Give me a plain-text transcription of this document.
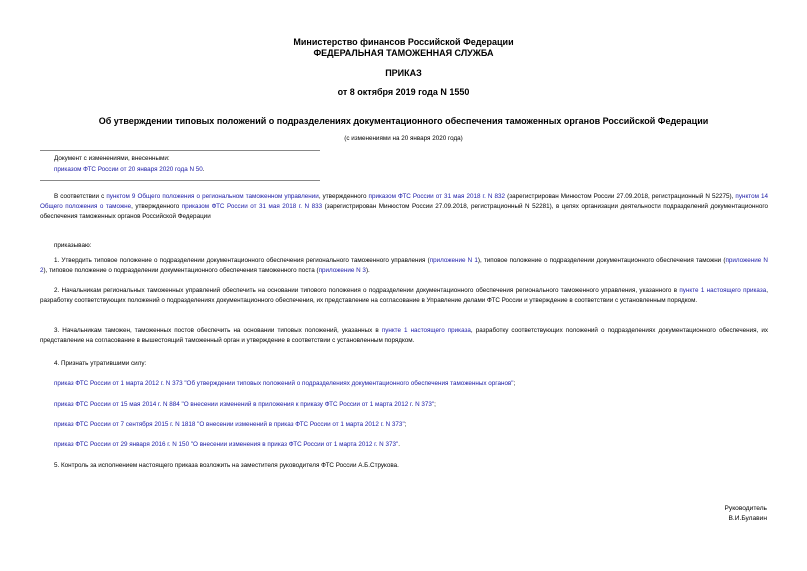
Министерство финансов Российской Федерации
ФЕДЕРАЛЬНАЯ ТАМОЖЕННАЯ СЛУЖБА
ПРИКАЗ
от 8 октября 2019 года N 1550
Об утверждении типовых положений о подразделениях документационного обеспечения таможенных органов Российской Федерации
(с изменениями на 20 января 2020 года)
Документ с изменениями, внесенными:
приказом ФТС России от 20 января 2020 года N 50.
В соответствии с пунктом 9 Общего положения о региональном таможенном управлении, утвержденного приказом ФТС России от 31 мая 2018 г. N 832 (зарегистрирован Минюстом России 27.09.2018, регистрационный N 52275), пунктом 14 Общего положения о таможне, утвержденного приказом ФТС России от 31 мая 2018 г. N 833 (зарегистрирован Минюстом России 27.09.2018, регистрационный N 52281), в целях организации деятельности подразделений документационного обеспечения таможенных органов Российской Федерации
приказываю:
1. Утвердить типовое положение о подразделении документационного обеспечения регионального таможенного управления (приложение N 1), типовое положение о подразделении документационного обеспечения таможни (приложение N 2), типовое положение о подразделении документационного обеспечения таможенного поста (приложение N 3).
2. Начальникам региональных таможенных управлений обеспечить на основании типового положения о подразделении документационного обеспечения регионального таможенного управления, указанного в пункте 1 настоящего приказа, разработку соответствующих положений о подразделениях документационного обеспечения, их представление на согласование в Управление делами ФТС России и утверждение в соответствии с установленным порядком.
3. Начальникам таможен, таможенных постов обеспечить на основании типовых положений, указанных в пункте 1 настоящего приказа, разработку соответствующих положений о подразделениях документационного обеспечения, их представление на согласование в вышестоящий таможенный орган и утверждение в соответствии с установленным порядком.
4. Признать утратившими силу:
приказ ФТС России от 1 марта 2012 г. N 373 "Об утверждении типовых положений о подразделениях документационного обеспечения таможенных органов";
приказ ФТС России от 15 мая 2014 г. N 884 "О внесении изменений в приложения к приказу ФТС России от 1 марта 2012 г. N 373";
приказ ФТС России от 7 сентября 2015 г. N 1818 "О внесении изменений в приказ ФТС России от 1 марта 2012 г. N 373";
приказ ФТС России от 29 января 2016 г. N 150 "О внесении изменения в приказ ФТС России от 1 марта 2012 г. N 373".
5. Контроль за исполнением настоящего приказа возложить на заместителя руководителя ФТС России А.Б.Струкова.
Руководитель
В.И.Булавин
